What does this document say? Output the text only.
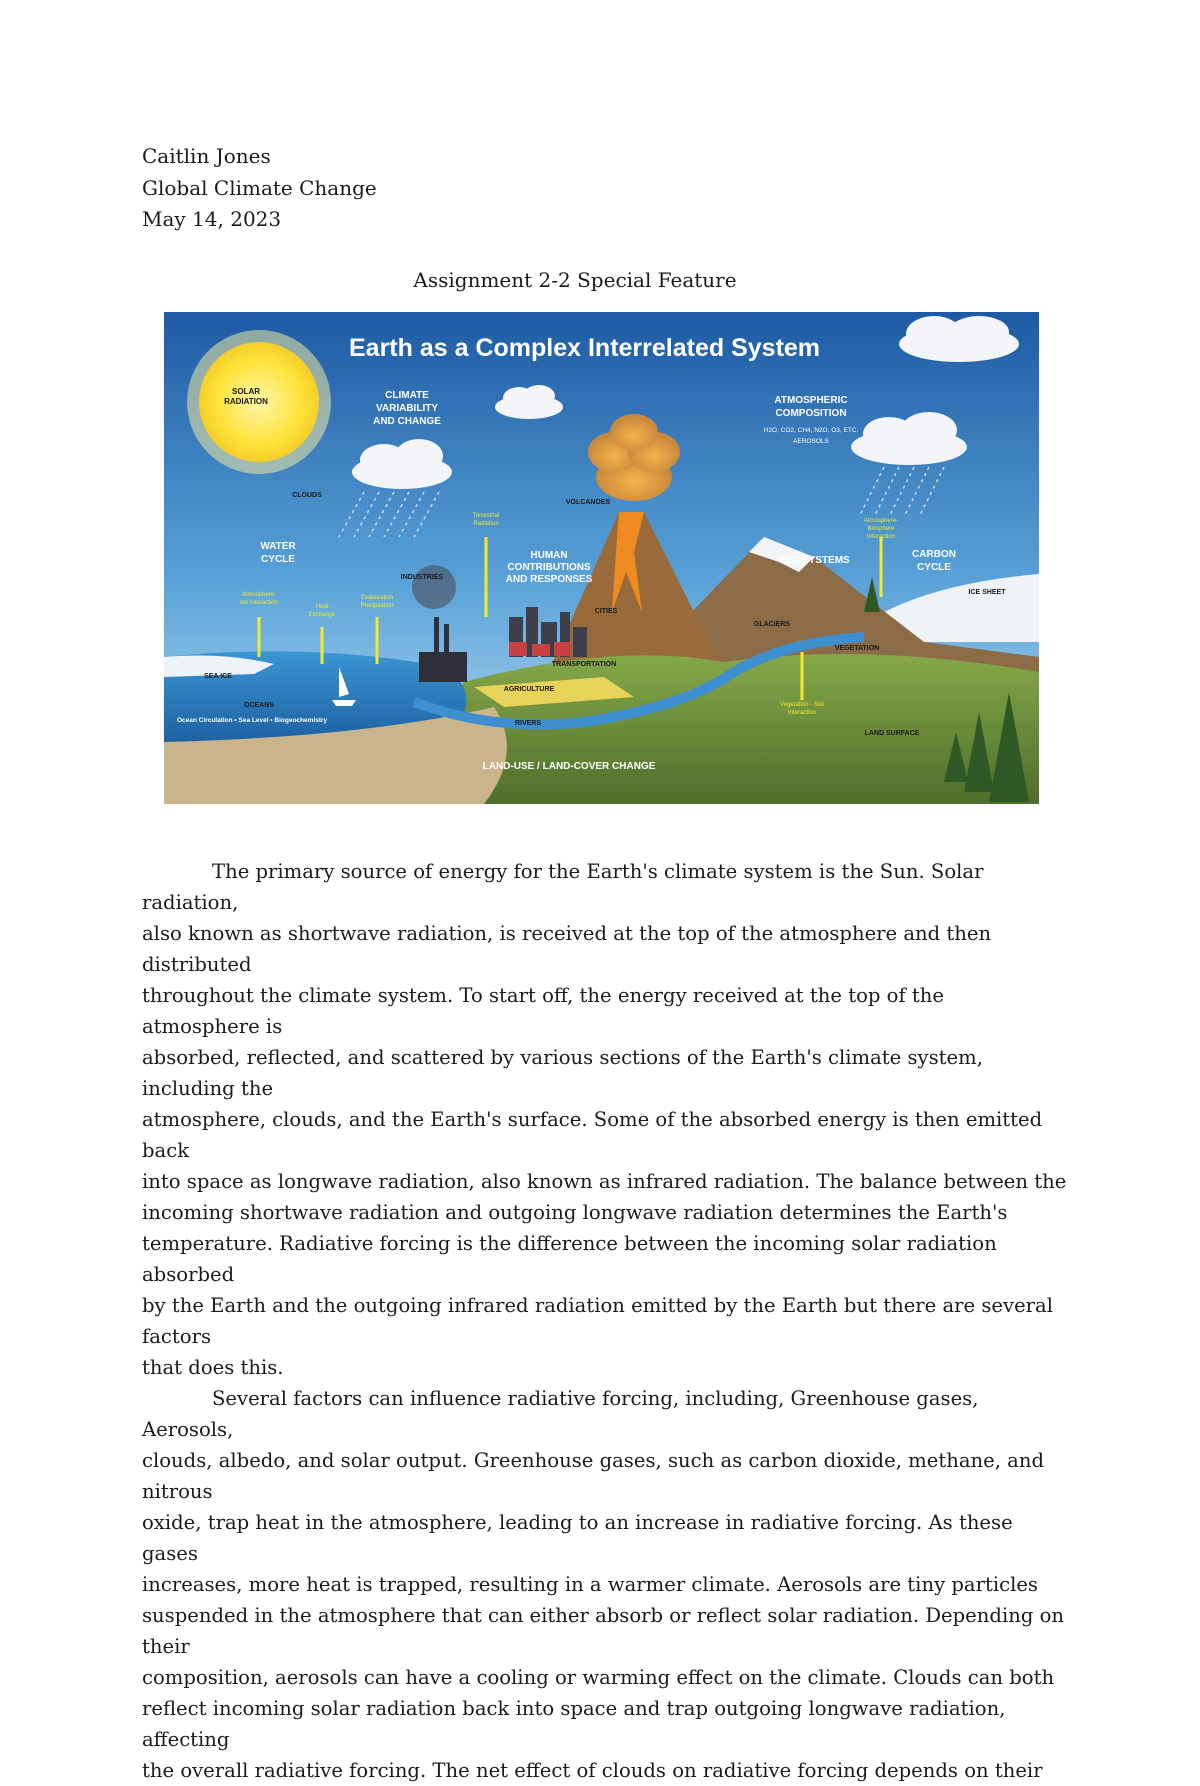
Caitlin Jones
Global Climate Change
May 14, 2023
Assignment 2-2 Special Feature
Earth as a Complex Interrelated System
SOLAR
RADIATION
CLIMATE
VARIABILITY
AND CHANGE
ATMOSPHERIC
COMPOSITION
WATER
CYCLE	HUMAN
CONTRIBUTIONS
AND RESPONSES
ECOSYSTEMS
CARBON
CYCLE
LAND-USE / LAND-COVER CHANGE
H2O, CO2, CH4, N2O, O3, ETC.
AEROSOLS
CLOUDS
VOLCANOES
INDUSTRIES
ICE SHEET
GLACIERS
CITIES
SEA ICE
TRANSPORTATION
VEGETATION
AGRICULTURE
OCEANS
RIVERS
LAND SURFACE
Ocean Circulation • Sea Level • Biogeochemistry
Terrestrial
Radiation	Atmosphere-
Biosphere
Interaction
Atmosphere-
Ice Interaction
Heat
Exchange
Evaporation
Precipitation
Vegetation - Soil
Interaction

The primary source of energy for the Earth's climate system is the Sun. Solar radiation,
also known as shortwave radiation, is received at the top of the atmosphere and then distributed
throughout the climate system. To start off, the energy received at the top of the atmosphere is
absorbed, reflected, and scattered by various sections of the Earth's climate system, including the
atmosphere, clouds, and the Earth's surface. Some of the absorbed energy is then emitted back
into space as longwave radiation, also known as infrared radiation. The balance between the
incoming shortwave radiation and outgoing longwave radiation determines the Earth's
temperature. Radiative forcing is the difference between the incoming solar radiation absorbed
by the Earth and the outgoing infrared radiation emitted by the Earth but there are several factors
that does this.

Several factors can influence radiative forcing, including, Greenhouse gases, Aerosols,
clouds, albedo, and solar output. Greenhouse gases, such as carbon dioxide, methane, and nitrous
oxide, trap heat in the atmosphere, leading to an increase in radiative forcing. As these gases
increases, more heat is trapped, resulting in a warmer climate. Aerosols are tiny particles
suspended in the atmosphere that can either absorb or reflect solar radiation. Depending on their
composition, aerosols can have a cooling or warming effect on the climate. Clouds can both
reflect incoming solar radiation back into space and trap outgoing longwave radiation, affecting
the overall radiative forcing. The net effect of clouds on radiative forcing depends on their
